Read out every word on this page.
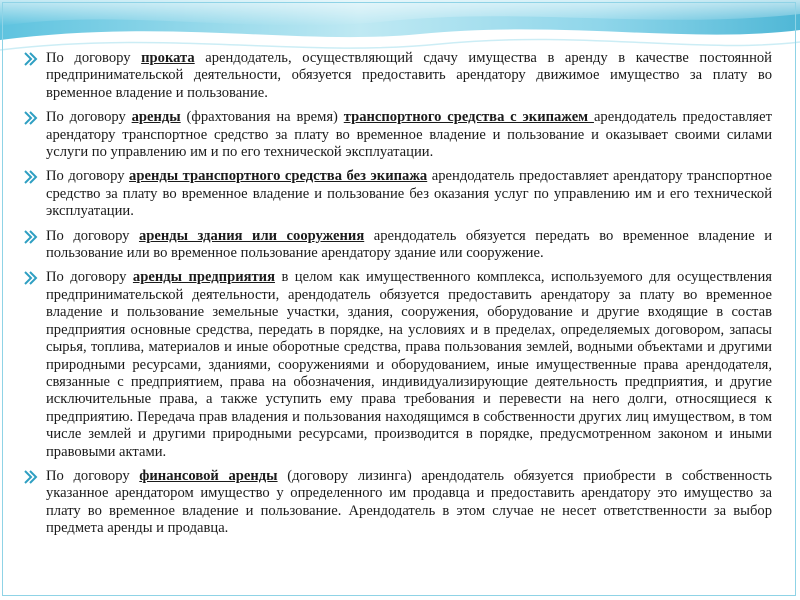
По договору проката арендодатель, осуществляющий сдачу имущества в аренду в качестве постоянной предпринимательской деятельности, обязуется предоставить арендатору движимое имущество за плату во временное владение и пользование.
По договору аренды (фрахтования на время) транспортного средства с экипажем арендодатель предоставляет арендатору транспортное средство за плату во временное владение и пользование и оказывает своими силами услуги по управлению им и по его технической эксплуатации.
По договору аренды транспортного средства без экипажа арендодатель предоставляет арендатору транспортное средство за плату во временное владение и пользование без оказания услуг по управлению им и его технической эксплуатации.
По договору аренды здания или сооружения арендодатель обязуется передать во временное владение и пользование или во временное пользование арендатору здание или сооружение.
По договору аренды предприятия в целом как имущественного комплекса, используемого для осуществления предпринимательской деятельности, арендодатель обязуется предоставить арендатору за плату во временное владение и пользование земельные участки, здания, сооружения, оборудование и другие входящие в состав предприятия основные средства, передать в порядке, на условиях и в пределах, определяемых договором, запасы сырья, топлива, материалов и иные оборотные средства, права пользования землей, водными объектами и другими природными ресурсами, зданиями, сооружениями и оборудованием, иные имущественные права арендодателя, связанные с предприятием, права на обозначения, индивидуализирующие деятельность предприятия, и другие исключительные права, а также уступить ему права требования и перевести на него долги, относящиеся к предприятию. Передача прав владения и пользования находящимся в собственности других лиц имуществом, в том числе землей и другими природными ресурсами, производится в порядке, предусмотренном законом и иными правовыми актами.
По договору финансовой аренды (договору лизинга) арендодатель обязуется приобрести в собственность указанное арендатором имущество у определенного им продавца и предоставить арендатору это имущество за плату во временное владение и пользование. Арендодатель в этом случае не несет ответственности за выбор предмета аренды и продавца.
